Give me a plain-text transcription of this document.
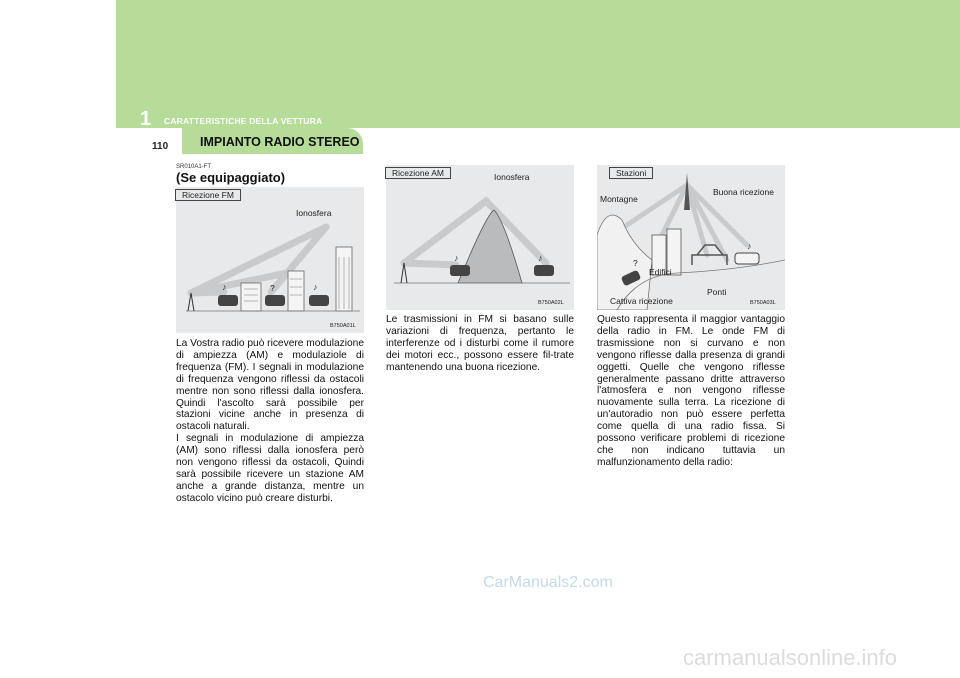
1 CARATTERISTICHE DELLA VETTURA
110	IMPIANTO RADIO STEREO
SR010A1-FT
(Se equipaggiato)
♪	♪
Ricezione FM
Ionosfera
?
B750A01L
La Vostra radio può ricevere modulazione di ampiezza (AM) e modulaziole di frequenza (FM). I segnali in modulazione di frequenza vengono riflessi da ostacoli mentre non sono riflessi dalla ionosfera. Quindi l'ascolto sarà possibile per stazioni vicine anche in presenza di ostacoli naturali.
I segnali in modulazione di ampiezza (AM) sono riflessi dalla ionosfera però non vengono riflessi da ostacoli, Quindi sarà possibile ricevere un stazione AM anche a grande distanza, mentre un ostacolo vicino può creare disturbi.
♪	♪
Ricezione AM	Ionosfera
B750A02L
Le trasmissioni in FM si basano sulle variazioni di frequenza, pertanto le interferenze od i disturbi come il rumore dei motori ecc., possono essere fil-trate mantenendo una buona ricezione.
♪
Stazioni
Montagne
Buona ricezione
Edifici
Ponti
Cattiva ricezione
?
B750A03L
Questo rappresenta il maggior vantaggio della radio in FM. Le onde FM di trasmissione non si curvano e non vengono riflesse dalla presenza di grandi oggetti. Quelle che vengono riflesse generalmente passano dritte attraverso l'atmosfera e non vengono riflesse nuovamente sulla terra. La ricezione di un'autoradio non può essere perfetta come quella di una radio fissa. Si possono verificare problemi di ricezione che non indicano tuttavia un malfunzionamento della radio:
CarManuals2.com
carmanualsonline.info
